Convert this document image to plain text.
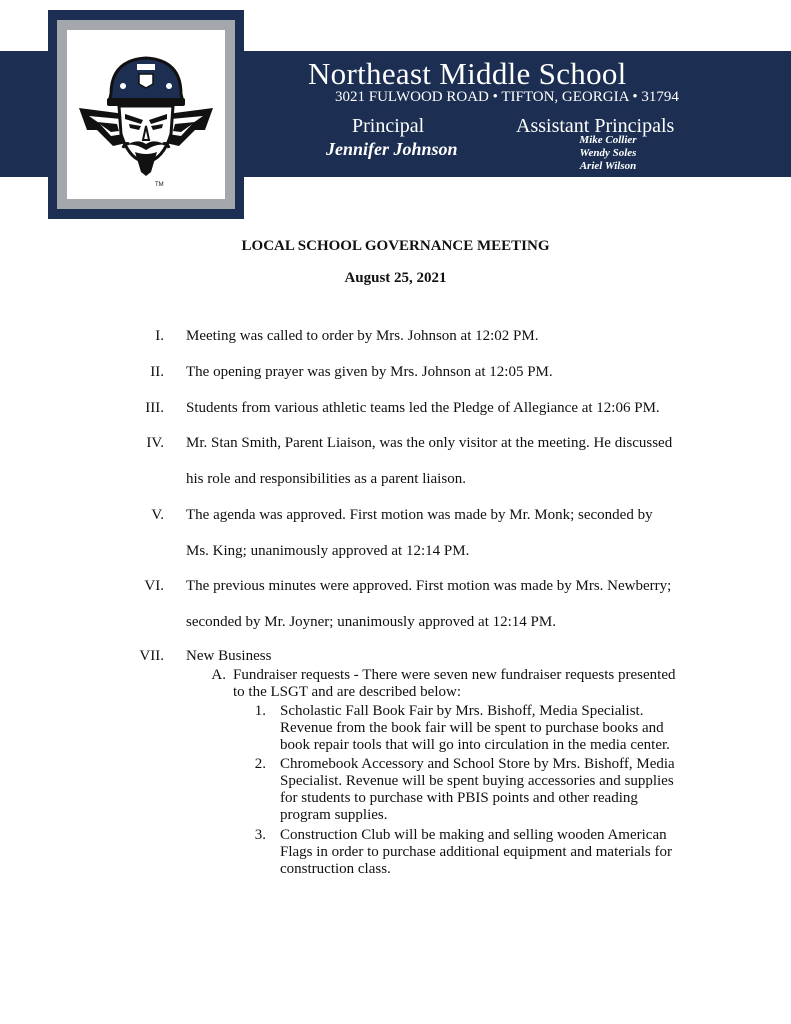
TM
Northeast Middle School
3021 FULWOOD ROAD • TIFTON, GEORGIA • 31794
Principal
Jennifer Johnson
Assistant Principals
Mike Collier
Wendy Soles
Ariel Wilson
LOCAL SCHOOL GOVERNANCE MEETING
August 25, 2021
I. Meeting was called to order by Mrs. Johnson at 12:02 PM.
II. The opening prayer was given by Mrs. Johnson at 12:05 PM.
III. Students from various athletic teams led the Pledge of Allegiance at 12:06 PM.
IV. Mr. Stan Smith, Parent Liaison, was the only visitor at the meeting. He discussed
his role and responsibilities as a parent liaison.
V. The agenda was approved. First motion was made by Mr. Monk; seconded by
Ms. King; unanimously approved at 12:14 PM.
VI. The previous minutes were approved. First motion was made by Mrs. Newberry;
seconded by Mr. Joyner; unanimously approved at 12:14 PM.
VII. New Business
A. Fundraiser requests - There were seven new fundraiser requests presented
to the LSGT and are described below:
1. Scholastic Fall Book Fair by Mrs. Bishoff, Media Specialist.
Revenue from the book fair will be spent to purchase books and
book repair tools that will go into circulation in the media center.
2. Chromebook Accessory and School Store by Mrs. Bishoff, Media
Specialist. Revenue will be spent buying accessories and supplies
for students to purchase with PBIS points and other reading
program supplies.
3. Construction Club will be making and selling wooden American
Flags in order to purchase additional equipment and materials for
construction class.
